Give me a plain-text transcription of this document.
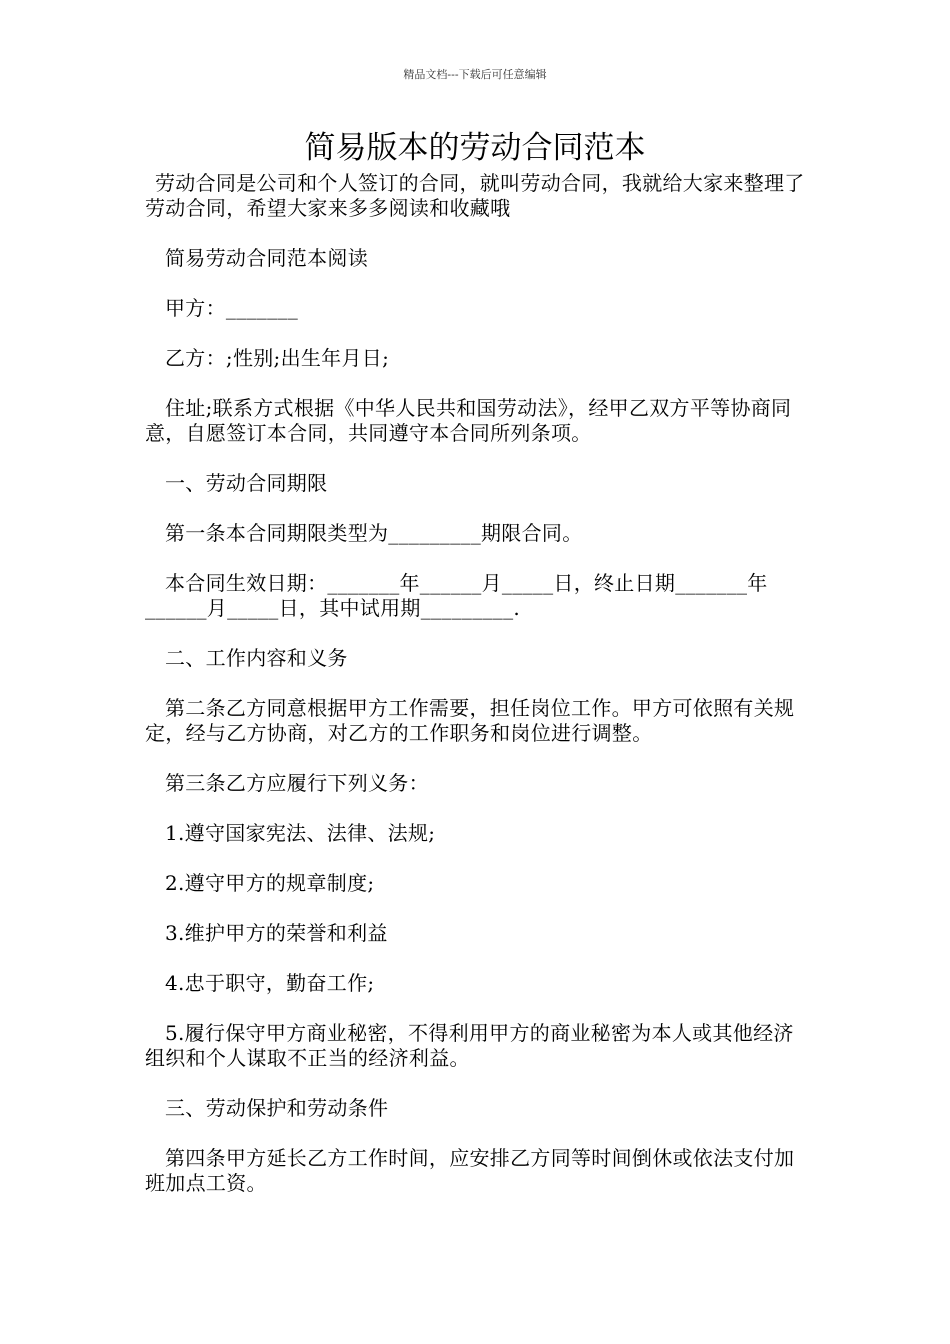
精品文档---下载后可任意编辑
简易版本的劳动合同范本

劳动合同是公司和个人签订的合同，就叫劳动合同，我就给大家来整理了劳动合同，希望大家来多多阅读和收藏哦

简易劳动合同范本阅读

甲方：_______

乙方：;性别;出生年月日;

住址;联系方式根据《中华人民共和国劳动法》，经甲乙双方平等协商同意，自愿签订本合同，共同遵守本合同所列条项。

一、劳动合同期限

第一条本合同期限类型为_________期限合同。

本合同生效日期：_______年______月_____日，终止日期_______年______月_____日，其中试用期_________.

二、工作内容和义务

第二条乙方同意根据甲方工作需要，担任岗位工作。甲方可依照有关规定，经与乙方协商，对乙方的工作职务和岗位进行调整。

第三条乙方应履行下列义务：

1.遵守国家宪法、法律、法规;

2.遵守甲方的规章制度;

3.维护甲方的荣誉和利益

4.忠于职守，勤奋工作;

5.履行保守甲方商业秘密，不得利用甲方的商业秘密为本人或其他经济组织和个人谋取不正当的经济利益。

三、劳动保护和劳动条件

第四条甲方延长乙方工作时间，应安排乙方同等时间倒休或依法支付加班加点工资。
